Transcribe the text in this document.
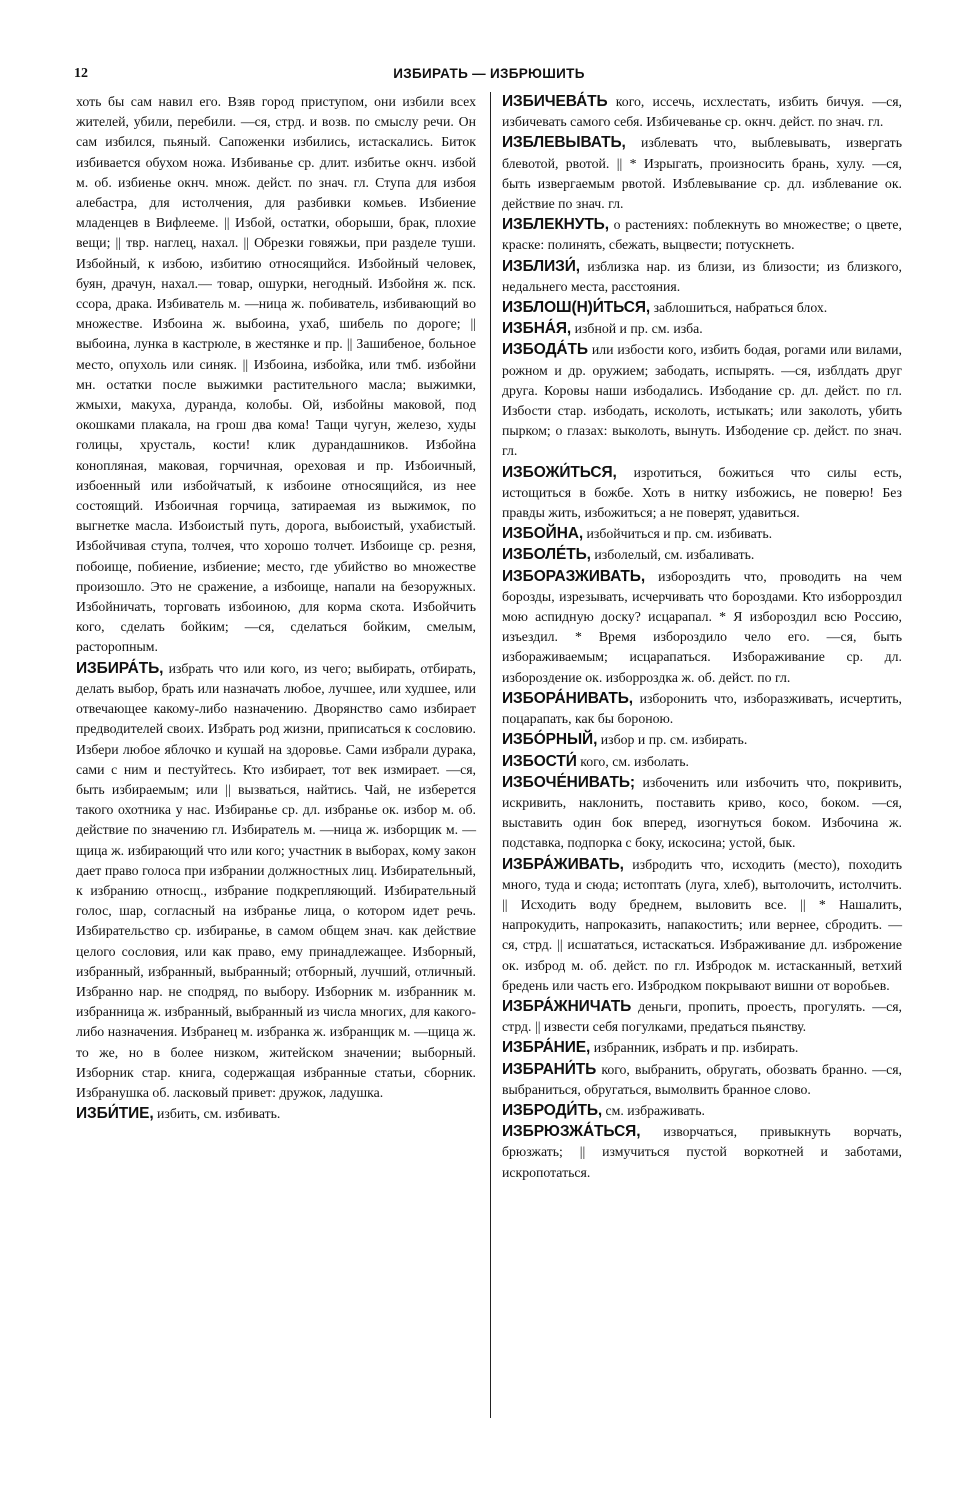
12	ИЗБИРАТЬ — ИЗБРЮШИТЬ

хоть бы сам навил его. Взяв город приступом, они избили всех жителей, убили, перебили. —ся, стрд. и возв. по смыслу речи. Он сам избился, пьяный. Сапоженки избились, истаскались. Биток избивается обухом ножа. Избиванье ср. длит. избитье окнч. избой м. об. избиенье окнч. множ. дейст. по знач. гл. Ступа для избоя алебастра, для истолчения, для разбивки комьев. Избиение младенцев в Вифлееме. || Избой, остатки, оборыши, брак, плохие вещи; || твр. наглец, нахал. || Обрезки говяжьи, при разделе туши. Избойный, к избою, избитию относящийся. Избойный человек, буян, драчун, нахал.— товар, ошурки, негодный. Избойня ж. пск. ссора, драка. Избиватель м. —ница ж. побиватель, избивающий во множестве. Избоина ж. выбоина, ухаб, шибель по дороге; || выбоина, лунка в кастрюле, в жестянке и пр. || Зашибеное, больное место, опухоль или синяк. || Избоина, избойка, или тмб. избойни мн. остатки после выжимки растительного масла; выжимки, жмыхи, макуха, дуранда, колобы. Ой, избойны маковой, под окошками плакала, на грош два кома! Тащи чугун, железо, худы голицы, хрусталь, кости! клик дурандашников. Избойна конопляная, маковая, горчичная, ореховая и пр. Избоичный, избоенный или избойчатый, к избоине относящийся, из нее состоящий. Избоичная горчица, затираемая из выжимок, по выгнетке масла. Избоистый путь, дорога, выбоистый, ухабистый. Избойчивая ступа, толчея, что хорошо толчет. Избоище ср. резня, побоище, побиение, избиение; место, где убийство во множестве произошло. Это не сражение, а избоище, напали на безоружных. Избойничать, торговать избоиною, для корма скота. Избойчить кого, сделать бойким; —ся, сделаться бойким, смелым, расторопным.

ИЗБИРА́ТЬ, избрать что или кого, из чего; выбирать, отбирать, делать выбор, брать или назначать любое, лучшее, или худшее, или отвечающее какому-либо назначению. Дворянство само избирает предводителей своих. Избрать род жизни, приписаться к сословию. Избери любое яблочко и кушай на здоровье. Сами избрали дурака, сами с ним и пестуйтесь. Кто избирает, тот век измирает. —ся, быть избираемым; или || вызваться, найтись. Чай, не изберется такого охотника у нас. Избиранье ср. дл. избранье ок. избор м. об. действие по значению гл. Избиратель м. —ница ж. изборщик м. —щица ж. избирающий что или кого; участник в выборах, кому закон дает право голоса при избрании должностных лиц. Избирательный, к избранию относщ., избрание подкрепляющий. Избирательный голос, шар, согласный на избранье лица, о котором идет речь. Избирательство ср. избиранье, в самом общем знач. как действие целого сословия, или как право, ему принадлежащее. Изборный, избранный, избранный, выбранный; отборный, лучший, отличный. Избранно нар. не сподряд, по выбору. Изборник м. избранник м. избранница ж. избранный, выбранный из числа многих, для какого-либо назначения. Избранец м. избранка ж. избранщик м. —щица ж. то же, но в более низком, житейском значении; выборный. Изборник стар. книга, содержащая избранные статьи, сборник. Избранушка об. ласковый привет: дружок, ладушка.

ИЗБИ́ТИЕ, избить, см. избивать.

ИЗБИЧЕВА́ТЬ кого, иссечь, исхлестать, избить бичуя. —ся, избичевать самого себя. Избичеванье ср. окнч. дейст. по знач. гл.

ИЗБЛЕВЫВАТЬ, изблевать что, выблевывать, извергать блевотой, рвотой. || * Изрыгать, произносить брань, хулу. —ся, быть извергаемым рвотой. Изблевывание ср. дл. изблевание ок. действие по знач. гл.

ИЗБЛЕКНУТЬ, о растениях: поблекнуть во множестве; о цвете, краске: полинять, сбежать, выцвести; потускнеть.

ИЗБЛИЗИ́, изблизка нар. из близи, из близости; из близкого, недальнего места, расстояния.

ИЗБЛОШ(Н)И́ТЬСЯ, заблошиться, набраться блох.

ИЗБНА́Я, избной и пр. см. изба.

ИЗБОДА́ТЬ или избости кого, избить бодая, рогами или вилами, рожном и др. оружием; забодать, испырять. —ся, изблдать друг друга. Коровы наши избодались. Избодание ср. дл. дейст. по гл. Избости стар. избодать, исколоть, истыкать; или заколоть, убить пырком; о глазах: выколоть, вынуть. Избодение ср. дейст. по знач. гл.

ИЗБОЖИ́ТЬСЯ, изротиться, божиться что силы есть, истощиться в божбе. Хоть в нитку избожись, не поверю! Без правды жить, избожиться; а не поверят, удавиться.

ИЗБОЙНА, избойчиться и пр. см. избивать.

ИЗБОЛЕ́ТЬ, изболелый, см. избаливать.

ИЗБОРАЗЖИВАТЬ, избороздить что, проводить на чем борозды, изрезывать, исчерчивать что бороздами. Кто изборроздил мою аспидную доску? исцарапал. * Я избороздил всю Россию, изъездил. * Время избороздило чело его. —ся, быть избораживаемым; исцарапаться. Избораживание ср. дл. избороздение ок. изборроздка ж. об. дейст. по гл.

ИЗБОРА́НИВАТЬ, изборонить что, изборазживать, исчертить, поцарапать, как бы бороною.

ИЗБО́РНЫЙ, избор и пр. см. избирать.

ИЗБОСТИ́ кого, см. изболать.

ИЗБОЧЕ́НИВАТЬ; избоченить или избочить что, покривить, искривить, наклонить, поставить криво, косо, боком. —ся, выставить один бок вперед, изогнуться боком. Избочина ж. подставка, подпорка с боку, искосина; устой, бык.

ИЗБРА́ЖИВАТЬ, избродить что, исходить (место), походить много, туда и сюда; истоптать (луга, хлеб), вытолочить, истолчить. || Исходить воду бреднем, выловить все. || * Нашалить, напрокудить, напроказить, напакостить; или вернее, сбродить. —ся, стрд. || исшататься, истаскаться. Избраживание дл. изброжение ок. изброд м. об. дейст. по гл. Избродок м. истасканный, ветхий бредень или часть его. Избродком покрывают вишни от воробьев.

ИЗБРА́ЖНИЧАТЬ деньги, пропить, проесть, прогулять. —ся, стрд. || извести себя погулками, предаться пьянству.

ИЗБРА́НИЕ, избранник, избрать и пр. избирать.

ИЗБРАНИ́ТЬ кого, выбранить, обругать, обозвать бранно. —ся, выбраниться, обругаться, вымолвить бранное слово.

ИЗБРОДИ́ТЬ, см. избраживать.

ИЗБРЮЗЖА́ТЬСЯ, изворчаться, привыкнуть ворчать, брюзжать; || измучиться пустой воркотней и заботами, искропотаться.
